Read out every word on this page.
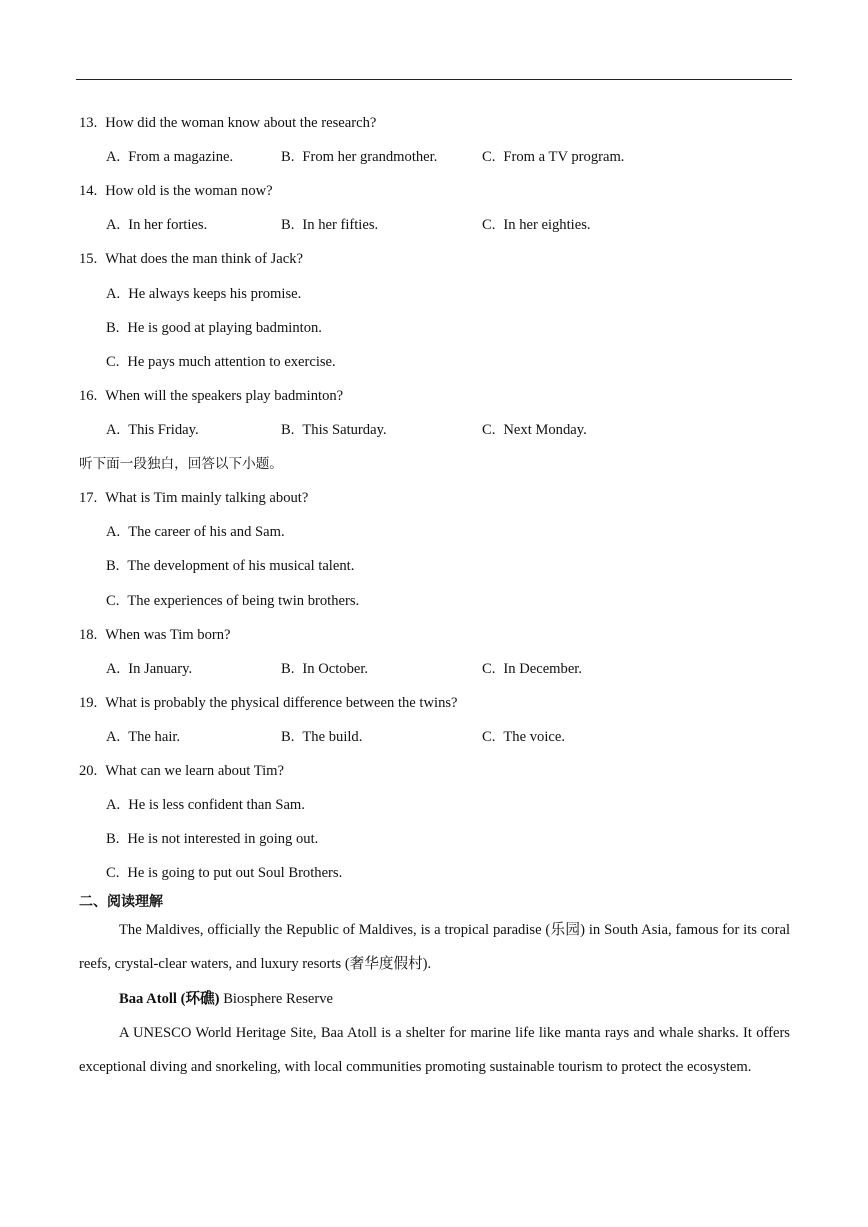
13. How did the woman know about the research?
A. From a magazine.	B. From her grandmother.	C. From a TV program.
14. How old is the woman now?
A. In her forties.	B. In her fifties.	C. In her eighties.
15. What does the man think of Jack?
A. He always keeps his promise.
B. He is good at playing badminton.
C. He pays much attention to exercise.
16. When will the speakers play badminton?
A. This Friday.	B. This Saturday.	C. Next Monday.
听下面一段独白，回答以下小题。
17. What is Tim mainly talking about?
A. The career of his and Sam.
B. The development of his musical talent.
C. The experiences of being twin brothers.
18. When was Tim born?
A. In January.	B. In October.	C. In December.
19. What is probably the physical difference between the twins?
A. The hair.	B. The build.	C. The voice.
20. What can we learn about Tim?
A. He is less confident than Sam.
B. He is not interested in going out.
C. He is going to put out Soul Brothers.
二、阅读理解
The Maldives, officially the Republic of Maldives, is a tropical paradise (乐园) in South Asia, famous for its coral reefs, crystal-clear waters, and luxury resorts (奢华度假村).
Baa Atoll (环礁) Biosphere Reserve
A UNESCO World Heritage Site, Baa Atoll is a shelter for marine life like manta rays and whale sharks. It offers exceptional diving and snorkeling, with local communities promoting sustainable tourism to protect the ecosystem.
